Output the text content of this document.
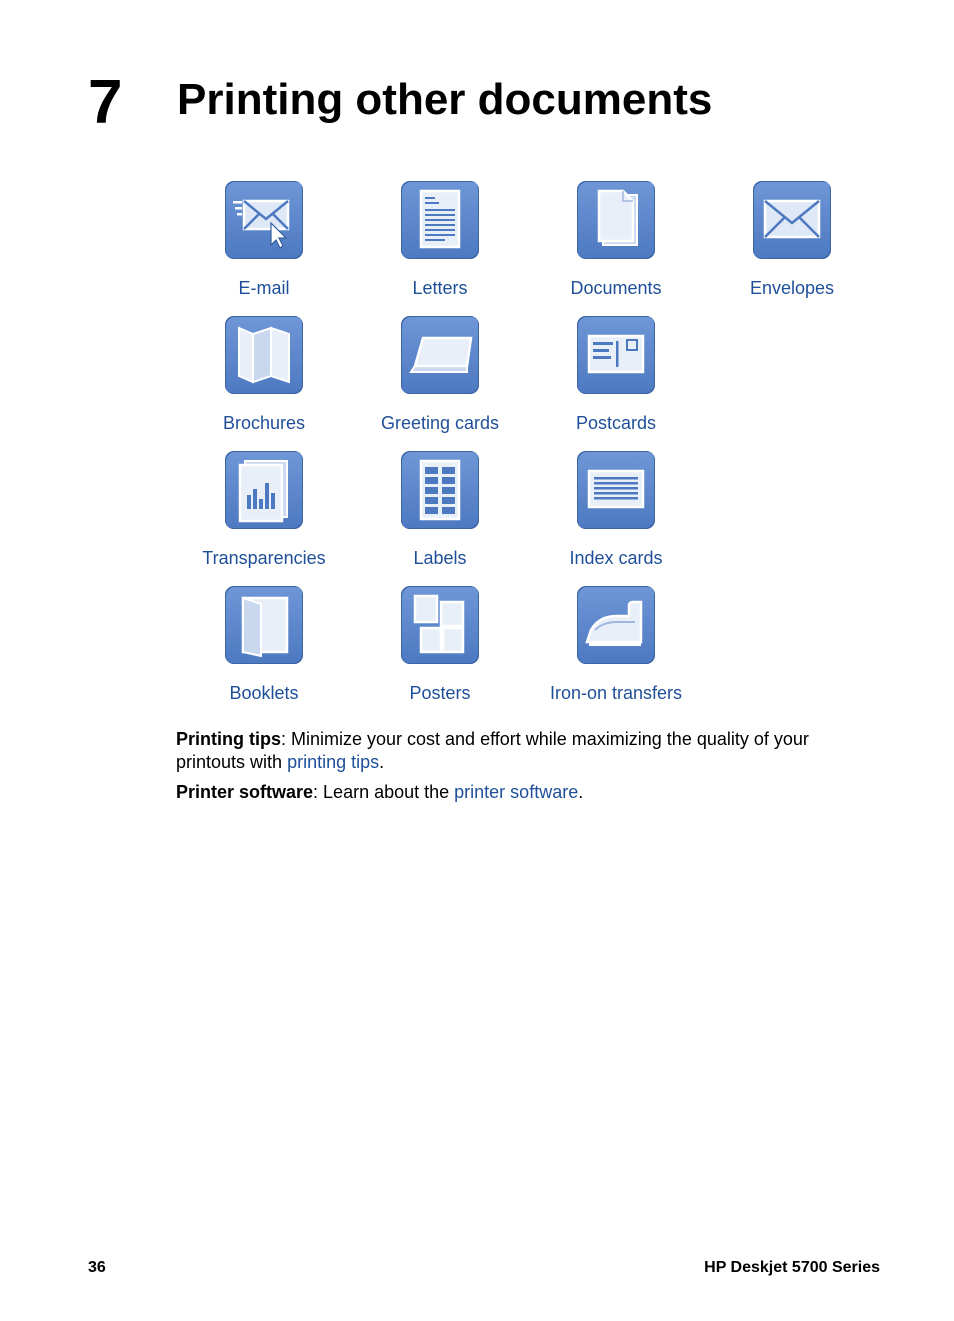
7 Printing other documents
E-mail	Letters	Documents	Envelopes
Brochures	Greeting cards	Postcards
Transparencies	Labels	Index cards
Booklets	Posters	Iron-on transfers

Printing tips: Minimize your cost and effort while maximizing the quality of your printouts with printing tips.

Printer software: Learn about the printer software.

36	HP Deskjet 5700 Series
